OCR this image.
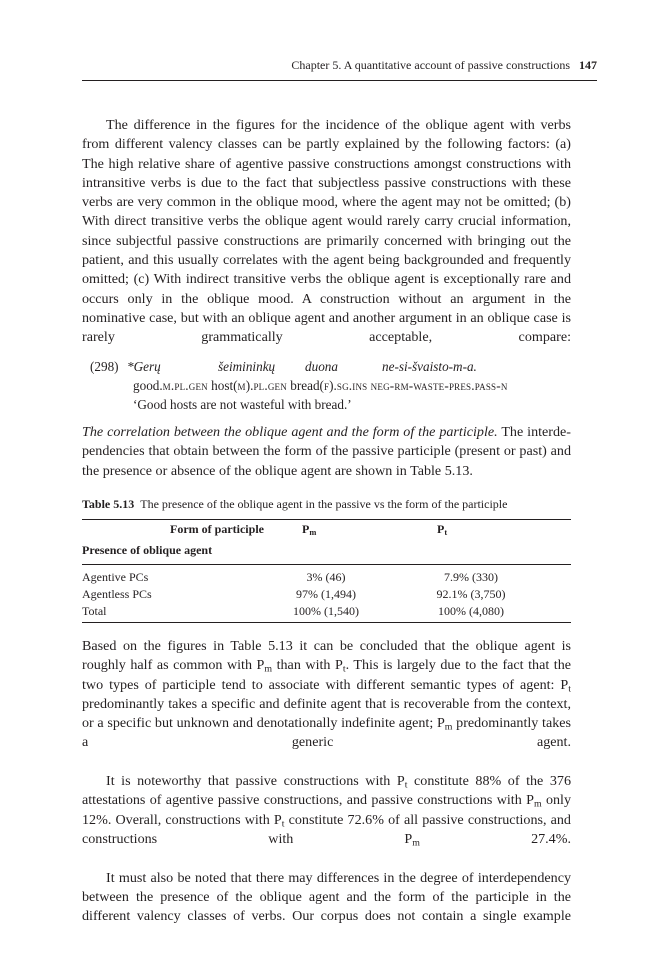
Chapter 5. A quantitative account of passive constructions 147

The difference in the figures for the incidence of the oblique agent with verbs from different valency classes can be partly explained by the following factors: (a) The high relative share of agentive passive constructions amongst constructions with intransitive verbs is due to the fact that subjectless passive constructions with these verbs are very common in the oblique mood, where the agent may not be omitted; (b) With direct transitive verbs the oblique agent would rarely carry crucial information, since subjectful passive constructions are primarily concerned with bringing out the patient, and this usually correlates with the agent being backgrounded and frequently omitted; (c) With indirect transitive verbs the oblique agent is exceptionally rare and occurs only in the oblique mood. A construction without an argument in the nominative case, but with an oblique agent and another argument in an oblique case is rarely grammatically acceptable, compare:

(298) *Gerų	šeimininkų	duona	ne-si-švaisto-m-a.
good.m.pl.gen host(m).pl.gen bread(f).sg.ins neg-rm-waste-pres.pass-n
‘Good hosts are not wasteful with bread.’

The correlation between the oblique agent and the form of the participle. The interdependencies that obtain between the form of the passive participle (present or past) and the presence or absence of the oblique agent are shown in Table 5.13.

Table 5.13 The presence of the oblique agent in the passive vs the form of the participle
Form of participle	$P_m$	$P_t$
Presence of oblique agent
Agentive PCs	3% (46)	7.9% (330)
Agentless PCs	97% (1,494)	92.1% (3,750)
Total	100% (1,540)	100% (4,080)

Based on the figures in Table 5.13 it can be concluded that the oblique agent is roughly half as common with $P_m$ than with $P_t$. This is largely due to the fact that the two types of participle tend to associate with different semantic types of agent: $P_t$ predominantly takes a specific and definite agent that is recoverable from the context, or a specific but unknown and denotationally indefinite agent; $P_m$ predominantly takes a generic agent.

It is noteworthy that passive constructions with $P_t$ constitute 88% of the 376 attestations of agentive passive constructions, and passive constructions with $P_m$ only 12%. Overall, constructions with $P_t$ constitute 72.6% of all passive constructions, and constructions with $P_m$ 27.4%.

It must also be noted that there may differences in the degree of interdependency between the presence of the oblique agent and the form of the participle in the different valency classes of verbs. Our corpus does not contain a single example
